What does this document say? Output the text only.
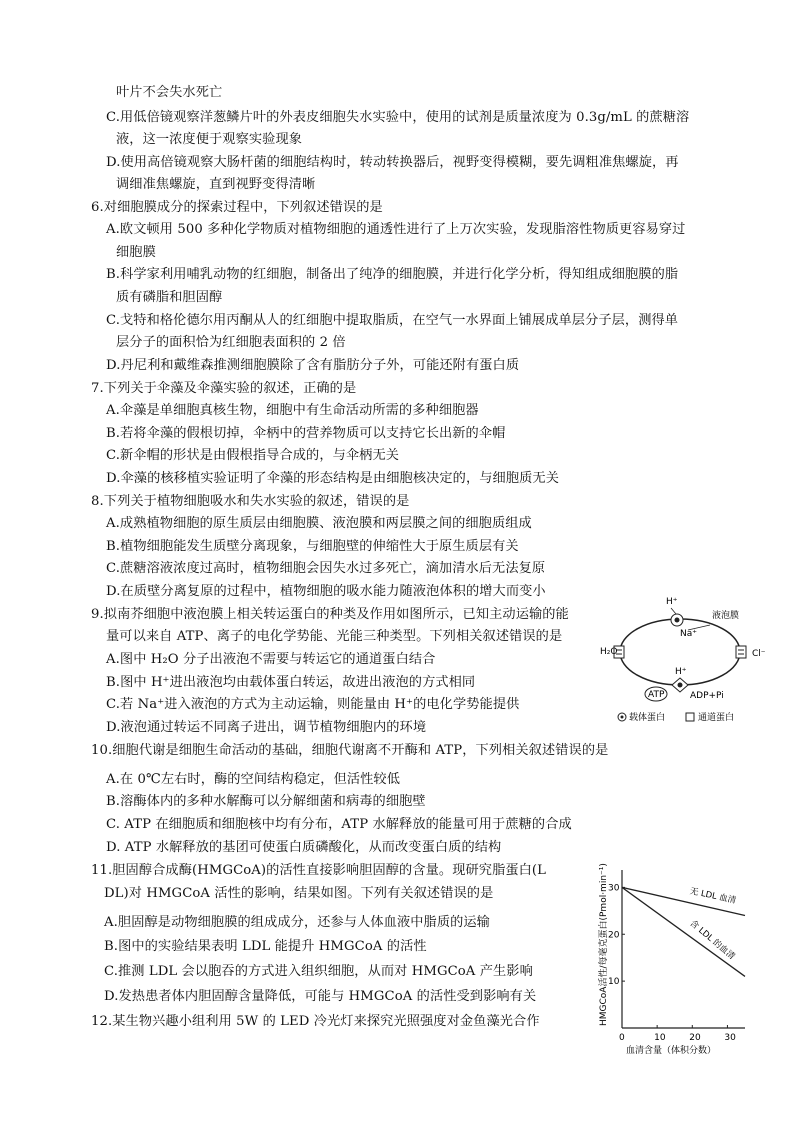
叶片不会失水死亡
C.用低倍镜观察洋葱鳞片叶的外表皮细胞失水实验中，使用的试剂是质量浓度为 0.3g/mL 的蔗糖溶
液，这一浓度便于观察实验现象
D.使用高倍镜观察大肠杆菌的细胞结构时，转动转换器后，视野变得模糊，要先调粗准焦螺旋，再
调细准焦螺旋，直到视野变得清晰
6.对细胞膜成分的探索过程中，下列叙述错误的是
A.欧文顿用 500 多种化学物质对植物细胞的通透性进行了上万次实验，发现脂溶性物质更容易穿过
细胞膜
B.科学家利用哺乳动物的红细胞，制备出了纯净的细胞膜，并进行化学分析，得知组成细胞膜的脂
质有磷脂和胆固醇
C.戈特和格伦德尔用丙酮从人的红细胞中提取脂质，在空气一水界面上铺展成单层分子层，测得单
层分子的面积恰为红细胞表面积的 2 倍
D.丹尼利和戴维森推测细胞膜除了含有脂肪分子外，可能还附有蛋白质
7.下列关于伞藻及伞藻实验的叙述，正确的是
A.伞藻是单细胞真核生物，细胞中有生命活动所需的多种细胞器
B.若将伞藻的假根切掉，伞柄中的营养物质可以支持它长出新的伞帽
C.新伞帽的形状是由假根指导合成的，与伞柄无关
D.伞藻的核移植实验证明了伞藻的形态结构是由细胞核决定的，与细胞质无关
8.下列关于植物细胞吸水和失水实验的叙述，错误的是
A.成熟植物细胞的原生质层由细胞膜、液泡膜和两层膜之间的细胞质组成
B.植物细胞能发生质壁分离现象，与细胞壁的伸缩性大于原生质层有关
C.蔗糖溶液浓度过高时，植物细胞会因失水过多死亡，滴加清水后无法复原
D.在质壁分离复原的过程中，植物细胞的吸水能力随液泡体积的增大而变小
9.拟南芥细胞中液泡膜上相关转运蛋白的种类及作用如图所示，已知主动运输的能
量可以来自 ATP、离子的电化学势能、光能三种类型。下列相关叙述错误的是
A.图中 H₂O 分子出液泡不需要与转运它的通道蛋白结合
B.图中 H⁺进出液泡均由载体蛋白转运，故进出液泡的方式相同
C.若 Na⁺进入液泡的方式为主动运输，则能量由 H⁺的电化学势能提供
D.液泡通过转运不同离子进出，调节植物细胞内的环境
液泡膜
H⁺
Na⁺
H₂O	Cl⁻
H⁺
ATP	ADP+Pi
载体蛋白	通道蛋白
10.细胞代谢是细胞生命活动的基础，细胞代谢离不开酶和 ATP，下列相关叙述错误的是
A.在 0℃左右时，酶的空间结构稳定，但活性较低
B.溶酶体内的多种水解酶可以分解细菌和病毒的细胞壁
C. ATP 在细胞质和细胞核中均有分布，ATP 水解释放的能量可用于蔗糖的合成
D. ATP 水解释放的基团可使蛋白质磷酸化，从而改变蛋白质的结构
11.胆固醇合成酶(HMGCoA)的活性直接影响胆固醇的含量。现研究脂蛋白(L
DL)对 HMGCoA 活性的影响，结果如图。下列有关叙述错误的是
A.胆固醇是动物细胞膜的组成成分，还参与人体血液中脂质的运输
B.图中的实验结果表明 LDL 能提升 HMGCoA 的活性
C.推测 LDL 会以胞吞的方式进入组织细胞，从而对 HMGCoA 产生影响
D.发热患者体内胆固醇含量降低，可能与 HMGCoA 的活性受到影响有关
12.某生物兴趣小组利用 5W 的 LED 冷光灯来探究光照强度对金鱼藻光合作	HMGCoA活性/每毫克蛋白(Pmol·min⁻¹)
血清含量（体积分数）
0	10	20	30
10
20
30	无 LDL 血清
含 LDL 的血清
